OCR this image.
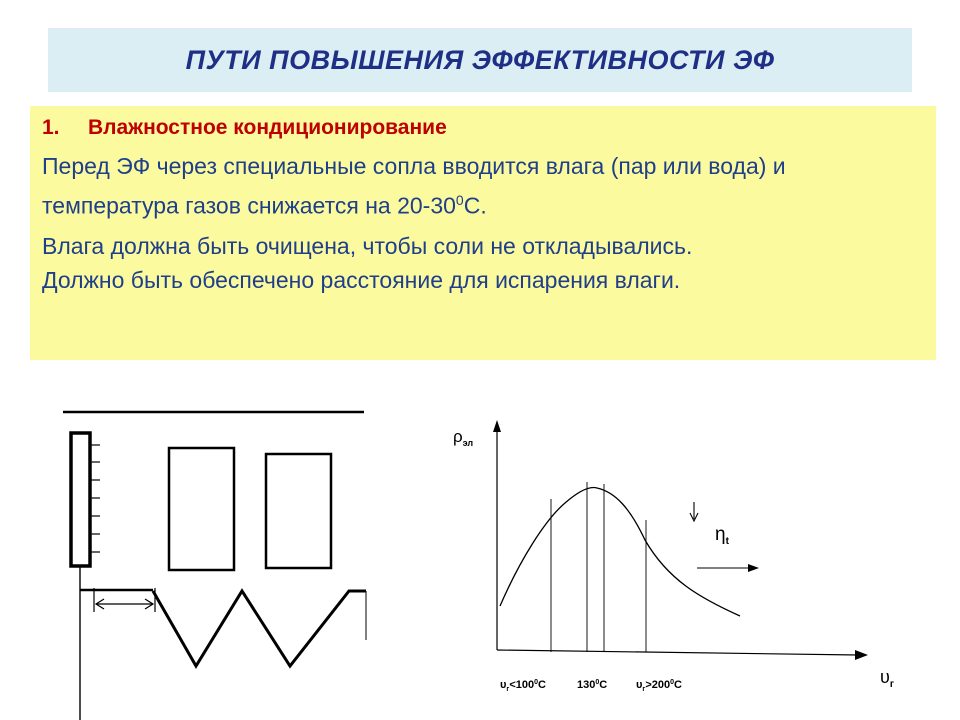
ПУТИ ПОВЫШЕНИЯ ЭФФЕКТИВНОСТИ ЭФ
1. Влажностное кондиционирование

Перед ЭФ через специальные сопла вводится влага (пар или вода) и температура газов снижается на $20-30^0С$.

Влага должна быть очищена, чтобы соли не откладывались.
Должно быть обеспечено расстояние для испарения влаги.

$\rho_{эл}$
$\eta_t$
$\upsilon_г$
$\upsilon_г<100^0С$	$130^0С$	$\upsilon_г>200^0С$
